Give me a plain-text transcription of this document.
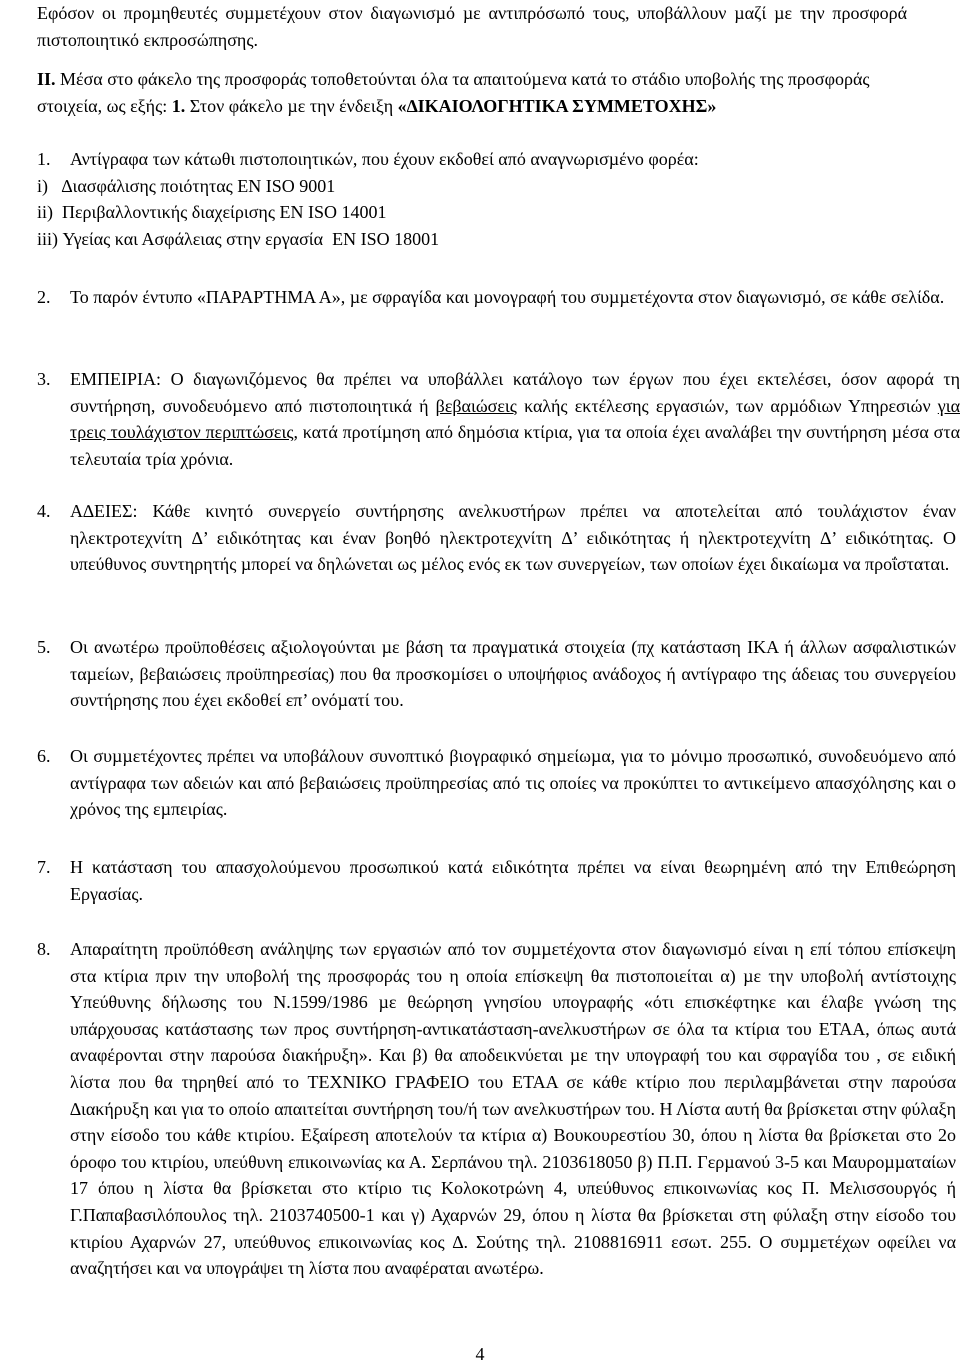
Εφόσον οι προµηθευτές συµµετέχουν στον διαγωνισµό µε αντιπρόσωπό τους, υποβάλλουν µαζί µε την προσφορά πιστοποιητικό εκπροσώπησης.

ΙΙ. Μέσα στο φάκελο της προσφοράς τοποθετούνται όλα τα απαιτούµενα κατά το στάδιο υποβολής της προσφοράς στοιχεία, ως εξής: 1. Στον φάκελο µε την ένδειξη «∆ΙΚΑΙΟΛΟΓΗΤΙΚΑ ΣΥΜΜΕΤΟΧΗΣ»

1. Αντίγραφα των κάτωθι πιστοποιητικών, που έχουν εκδοθεί από αναγνωρισµένο φορέα:

i)   ∆ιασφάλισης ποιότητας EN ISO 9001

ii)  Περιβαλλοντικής διαχείρισης EN ISO 14001

iii) Υγείας και Ασφάλειας στην εργασία  EN ISO 18001

2. Το παρόν έντυπο «ΠΑΡΑΡΤΗΜΑ Α», µε σφραγίδα και µονογραφή του συµµετέχοντα στον διαγωνισµό, σε κάθε σελίδα.

3. ΕΜΠΕΙΡΙΑ: Ο διαγωνιζόµενος θα πρέπει να υποβάλλει κατάλογο των έργων που έχει εκτελέσει, όσον αφορά τη συντήρηση, συνοδευόµενο από πιστοποιητικά ή βεβαιώσεις καλής εκτέλεσης εργασιών, των αρµόδιων Υπηρεσιών για τρεις τουλάχιστον περιπτώσεις, κατά προτίµηση από δηµόσια κτίρια, για τα οποία έχει αναλάβει την συντήρηση µέσα στα τελευταία τρία χρόνια.

4. Α∆ΕΙΕΣ: Κάθε κινητό συνεργείο συντήρησης ανελκυστήρων πρέπει να αποτελείται από τουλάχιστον έναν ηλεκτροτεχνίτη ∆’ ειδικότητας και έναν βοηθό ηλεκτροτεχνίτη ∆’ ειδικότητας ή ηλεκτροτεχνίτη ∆’ ειδικότητας. Ο υπεύθυνος συντηρητής µπορεί να δηλώνεται ως µέλος ενός εκ των συνεργείων, των οποίων έχει δικαίωµα να προΐσταται.

5. Οι ανωτέρω προϋποθέσεις αξιολογούνται µε βάση τα πραγµατικά στοιχεία (πχ κατάσταση ΙΚΑ ή άλλων ασφαλιστικών ταµείων, βεβαιώσεις προϋπηρεσίας) που θα προσκοµίσει ο υποψήφιος ανάδοχος ή αντίγραφο της άδειας του συνεργείου συντήρησης που έχει εκδοθεί επ’ ονόµατί του.

6. Οι συµµετέχοντες πρέπει να υποβάλουν συνοπτικό βιογραφικό σηµείωµα, για το µόνιµο προσωπικό, συνοδευόµενο από αντίγραφα των αδειών και από βεβαιώσεις προϋπηρεσίας από τις οποίες να προκύπτει το αντικείµενο απασχόλησης και ο χρόνος της εµπειρίας.

7. Η κατάσταση του απασχολούµενου προσωπικού κατά ειδικότητα πρέπει να είναι θεωρηµένη από την Επιθεώρηση Εργασίας.

8. Απαραίτητη προϋπόθεση ανάληψης των εργασιών από τον συµµετέχοντα στον διαγωνισµό είναι η επί τόπου επίσκεψη στα κτίρια πριν την υποβολή της προσφοράς του η οποία επίσκεψη θα πιστοποιείται α) µε την υποβολή αντίστοιχης Υπεύθυνης δήλωσης του Ν.1599/1986 µε θεώρηση γνησίου υπογραφής «ότι επισκέφτηκε και έλαβε γνώση της υπάρχουσας κατάστασης των προς συντήρηση-αντικατάσταση-ανελκυστήρων σε όλα τα κτίρια του ΕΤΑΑ, όπως αυτά αναφέρονται στην παρούσα διακήρυξη». Και β) θα αποδεικνύεται µε την υπογραφή του και σφραγίδα του , σε ειδική λίστα που θα τηρηθεί από το ΤΕΧΝΙΚΟ ΓΡΑΦΕΙΟ του ΕΤΑΑ σε κάθε κτίριο που περιλαµβάνεται στην παρούσα ∆ιακήρυξη και για το οποίο απαιτείται συντήρηση του/ή των ανελκυστήρων του. Η Λίστα αυτή θα βρίσκεται στην φύλαξη στην είσοδο του κάθε κτιρίου. Εξαίρεση αποτελούν τα κτίρια α) Βουκουρεστίου 30, όπου η λίστα θα βρίσκεται στο 2ο όροφο του κτιρίου, υπεύθυνη επικοινωνίας κα Α. Σερπάνου τηλ. 2103618050 β) Π.Π. Γερµανού 3-5 και Μαυροµµαταίων 17 όπου η λίστα θα βρίσκεται στο κτίριο τις Κολοκοτρώνη 4, υπεύθυνος επικοινωνίας κος Π. Μελισσουργός ή Γ.Παπαβασιλόπουλος τηλ. 2103740500-1 και γ) Αχαρνών 29, όπου η λίστα θα βρίσκεται στη φύλαξη στην είσοδο του κτιρίου Αχαρνών 27, υπεύθυνος επικοινωνίας κος ∆. Σούτης τηλ. 2108816911 εσωτ. 255. Ο συµµετέχων οφείλει να αναζητήσει και να υπογράψει τη λίστα που αναφέραται ανωτέρω.

4
